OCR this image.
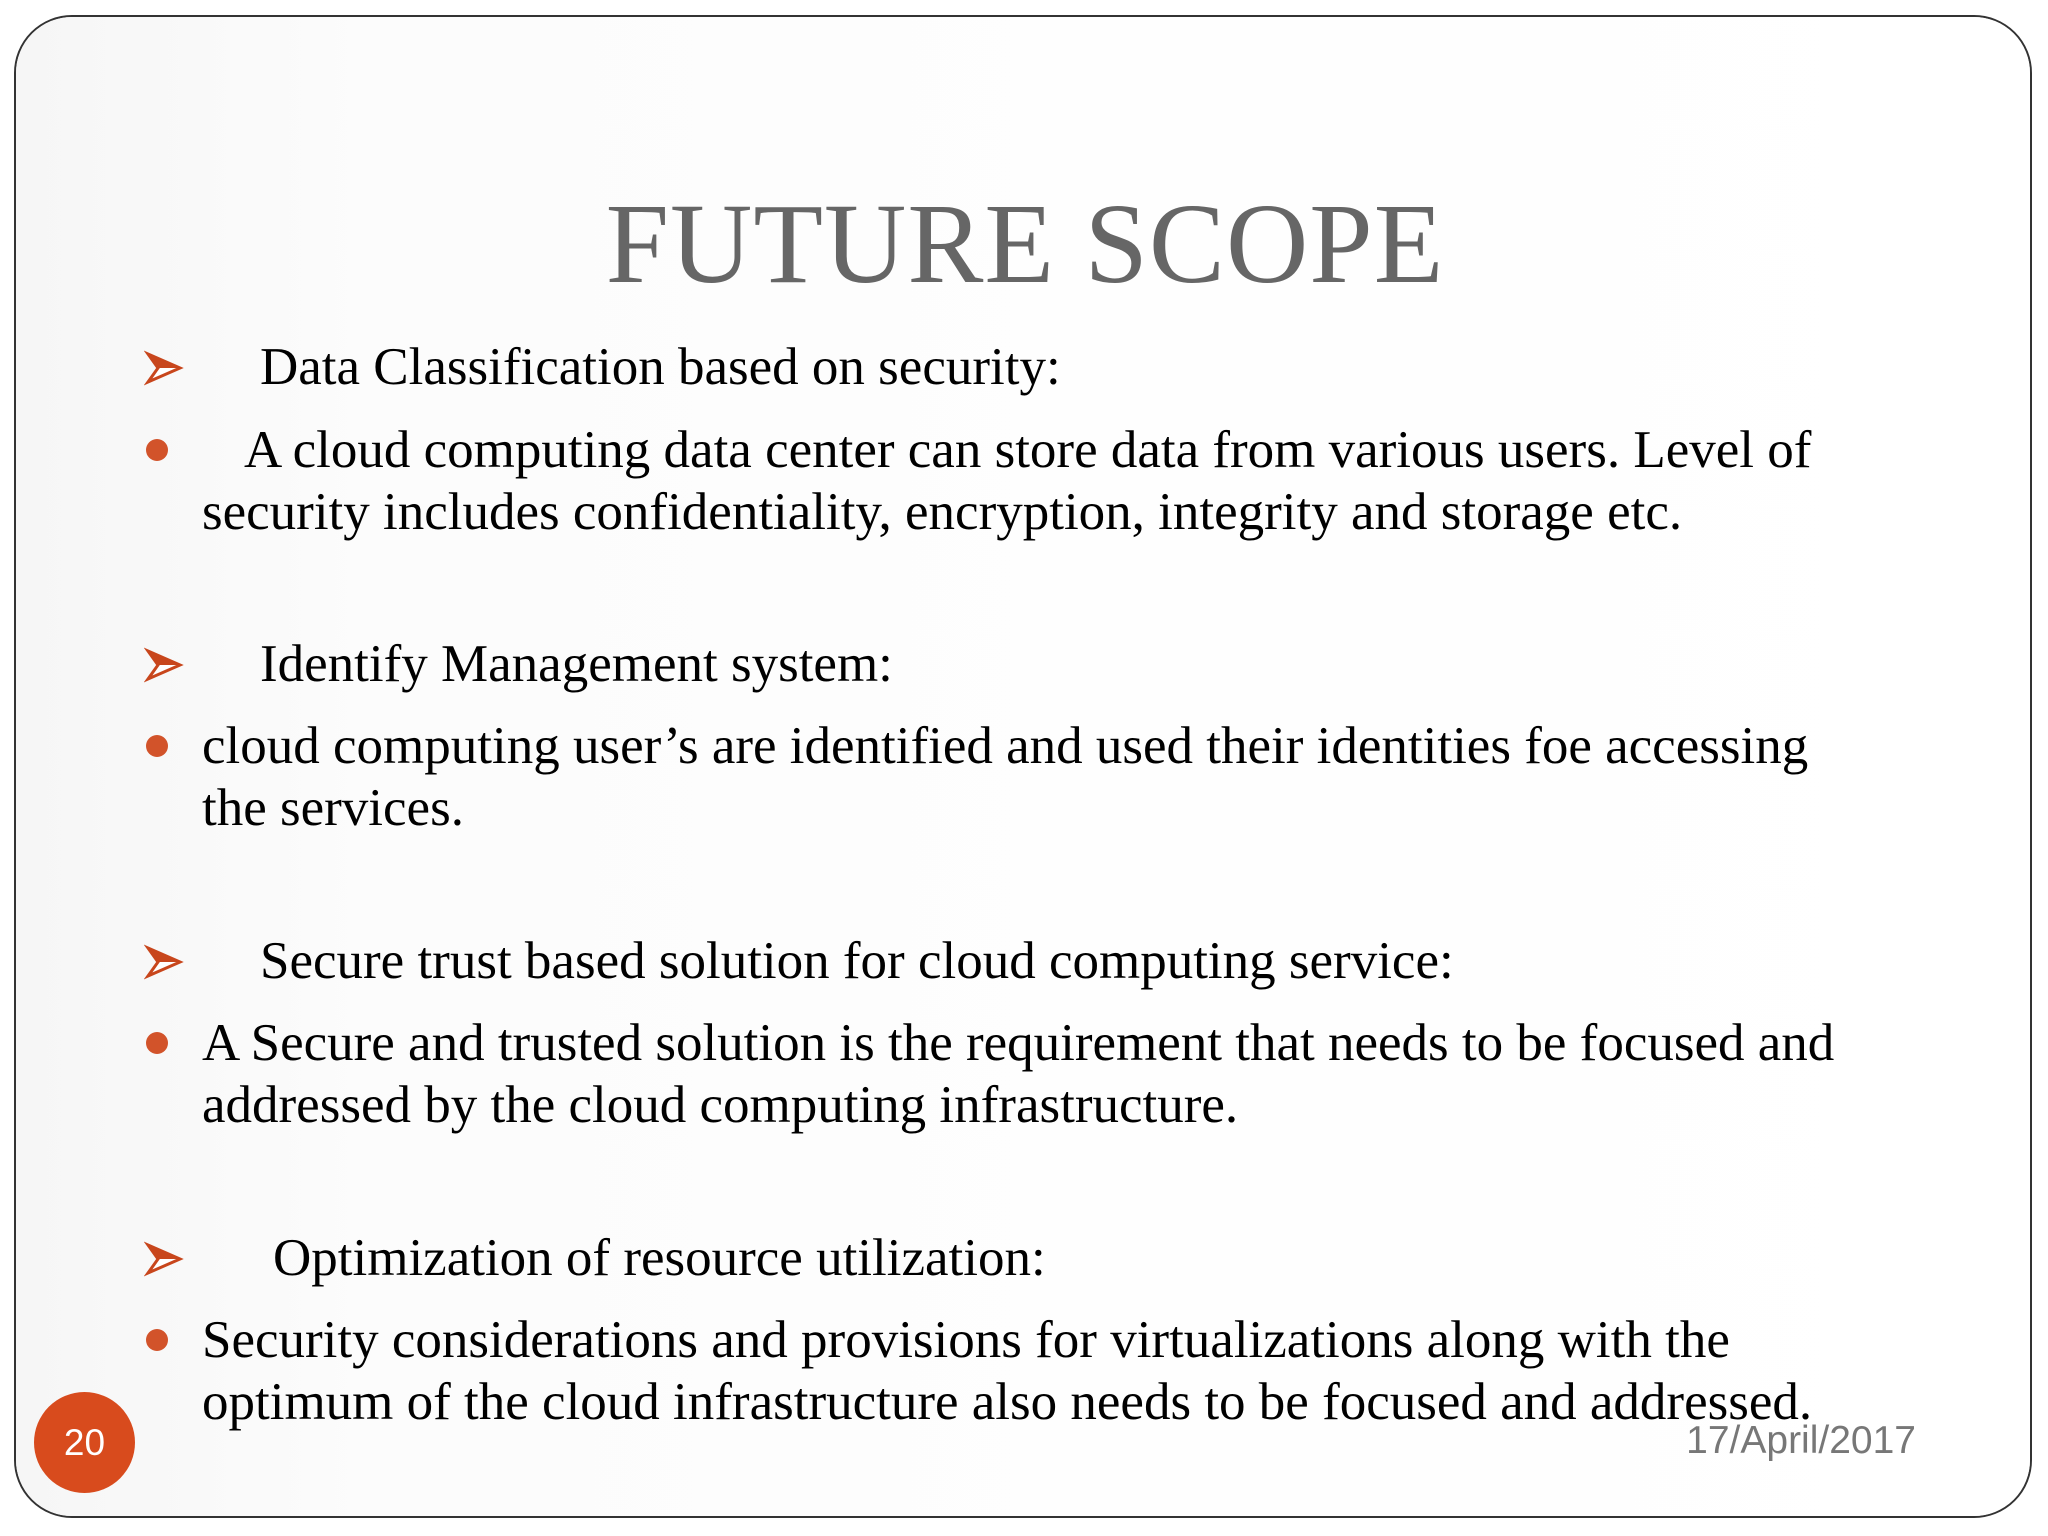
FUTURE SCOPE
Data Classification based on security:
A cloud computing data center can store data from various users. Level of
security includes confidentiality, encryption, integrity and storage etc.
Identify Management system:
cloud computing user’s are identified and used their identities foe accessing
the services.
Secure trust based solution for cloud computing service:
A Secure and trusted solution is the requirement that needs to be focused and
addressed by the cloud computing infrastructure.
Optimization of resource utilization:
Security considerations and provisions for virtualizations along with the
optimum of the cloud infrastructure also needs to be focused and addressed.
20	17/April/2017
